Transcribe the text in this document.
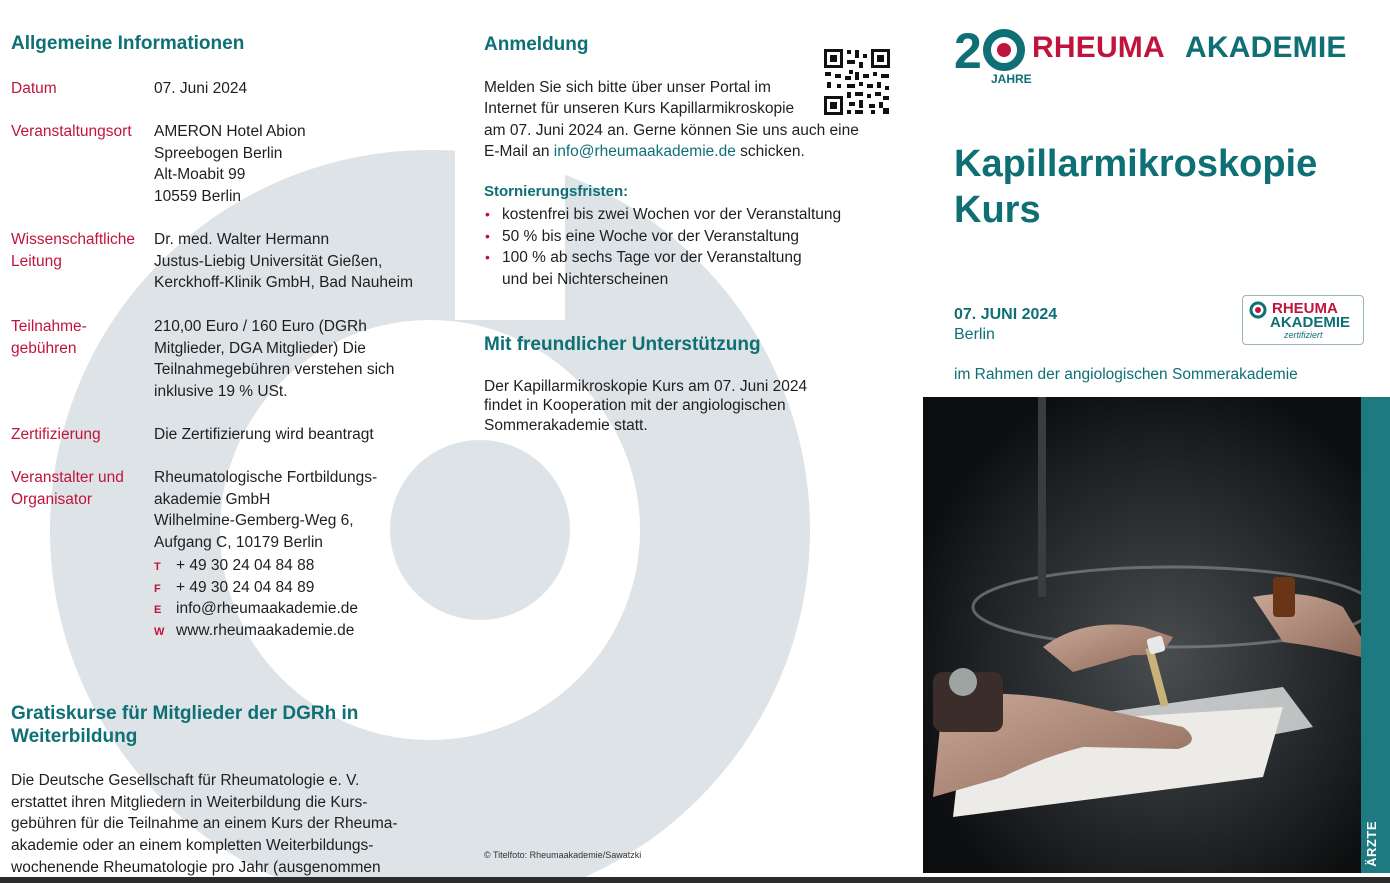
Allgemeine Informationen
Datum	07. Juni 2024
Veranstaltungsort AMERON Hotel Abion
Spreebogen Berlin
Alt-Moabit 99
10559 Berlin
Wissenschaftliche
Leitung
Dr. med. Walter Hermann
Justus-Liebig Universität Gießen,
Kerckhoff-Klinik GmbH, Bad Nauheim
Teilnahme-
gebühren
210,00 Euro / 160 Euro (DGRh
Mitglieder, DGA Mitglieder) Die
Teilnahmegebühren verstehen sich
inklusive 19 % USt.
Zertifizierung	Die Zertifizierung wird beantragt
Veranstalter und
Organisator
Rheumatologische Fortbildungs-
akademie GmbH
Wilhelmine-Gemberg-Weg 6,
Aufgang C, 10179 Berlin
T + 49 30 24 04 84 88
F + 49 30 24 04 84 89
E info@rheumaakademie.de
W www.rheumaakademie.de
Gratiskurse für Mitglieder der DGRh in
Weiterbildung
Die Deutsche Gesellschaft für Rheumatologie e. V.
erstattet ihren Mitgliedern in Weiterbildung die Kurs-
gebühren für die Teilnahme an einem Kurs der Rheuma-
akademie oder an einem kompletten Weiterbildungs-
wochenende Rheumatologie pro Jahr (ausgenommen
Anmeldung
Melden Sie sich bitte über unser Portal im
Internet für unseren Kurs Kapillarmikroskopie
am 07. Juni 2024 an. Gerne können Sie uns auch eine
E-Mail an info@rheumaakademie.de schicken.
Stornierungsfristen:
• kostenfrei bis zwei Wochen vor der Veranstaltung
• 50 % bis eine Woche vor der Veranstaltung
• 100 % ab sechs Tage vor der Veranstaltung
und bei Nichterscheinen
Mit freundlicher Unterstützung
Der Kapillarmikroskopie Kurs am 07. Juni 2024
findet in Kooperation mit der angiologischen
Sommerakademie statt.
© Titelfoto: Rheumaakademie/Sawatzki
2 JAHRE
RHEUMA AKADEMIE
Kapillarmikroskopie
Kurs
07. JUNI 2024
Berlin
RHEUMA
AKADEMIE
zertifiziert
im Rahmen der angiologischen Sommerakademie
ÄRZTE
